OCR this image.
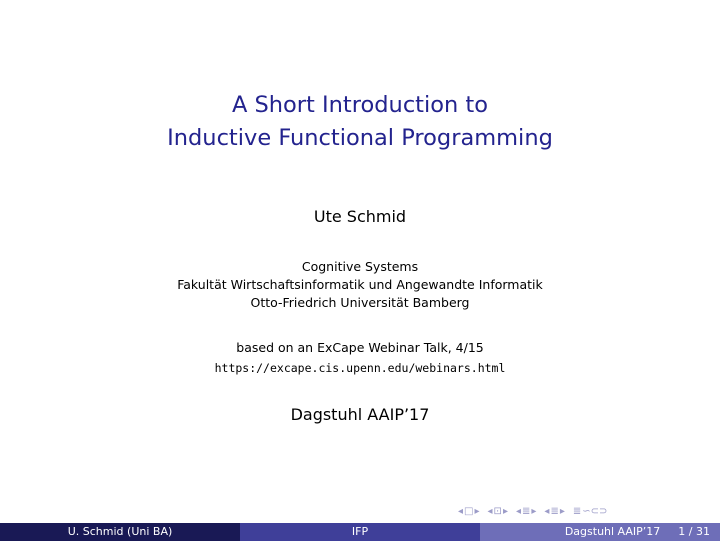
A Short Introduction to
Inductive Functional Programming
Ute Schmid
Cognitive Systems
Fakultät Wirtschaftsinformatik und Angewandte Informatik
Otto-Friedrich Universität Bamberg
based on an ExCape Webinar Talk, 4/15
https://excape.cis.upenn.edu/webinars.html
Dagstuhl AAIP’17
◂ □ ▸ ◂ ⊡ ▸ ◂ ≣ ▸ ◂ ≣ ▸ ≣ ∽⊂⊃
U. Schmid (Uni BA)	IFP	Dagstuhl AAIP’17 1 / 31
